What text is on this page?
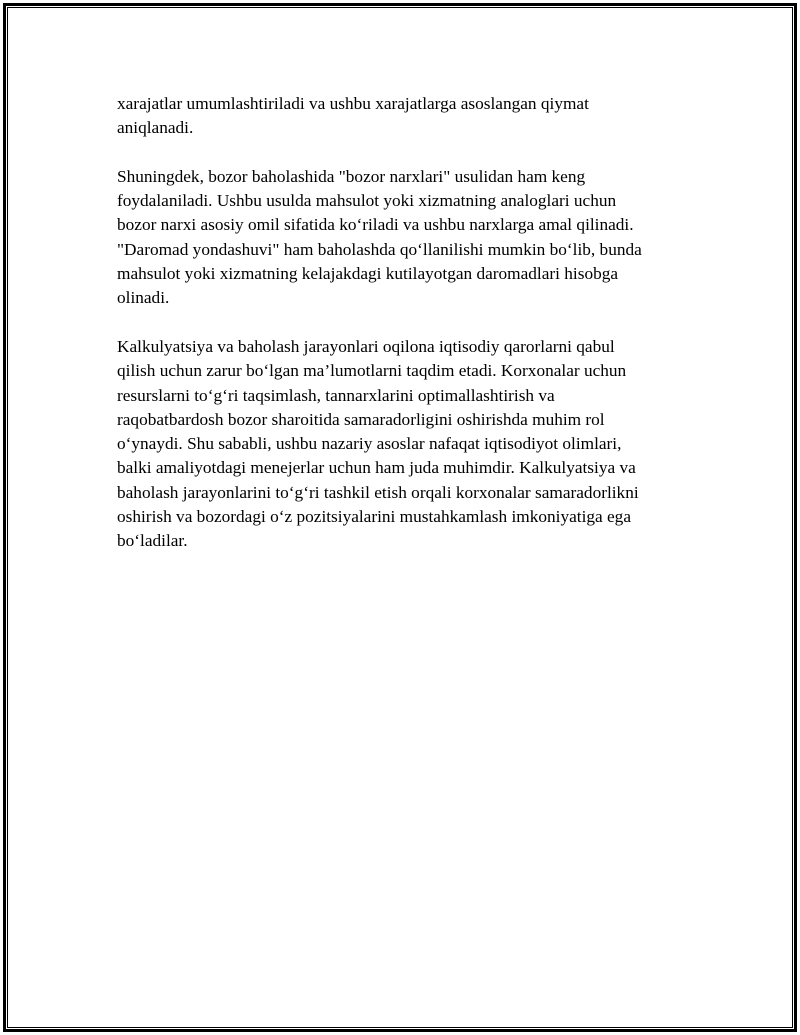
xarajatlar umumlashtiriladi va ushbu xarajatlarga asoslangan qiymat
aniqlanadi.

Shuningdek, bozor baholashida "bozor narxlari" usulidan ham keng
foydalaniladi. Ushbu usulda mahsulot yoki xizmatning analoglari uchun
bozor narxi asosiy omil sifatida ko‘riladi va ushbu narxlarga amal qilinadi.
"Daromad yondashuvi" ham baholashda qo‘llanilishi mumkin bo‘lib, bunda
mahsulot yoki xizmatning kelajakdagi kutilayotgan daromadlari hisobga
olinadi.

Kalkulyatsiya va baholash jarayonlari oqilona iqtisodiy qarorlarni qabul
qilish uchun zarur bo‘lgan ma’lumotlarni taqdim etadi. Korxonalar uchun
resurslarni to‘g‘ri taqsimlash, tannarxlarini optimallashtirish va
raqobatbardosh bozor sharoitida samaradorligini oshirishda muhim rol
o‘ynaydi. Shu sababli, ushbu nazariy asoslar nafaqat iqtisodiyot olimlari,
balki amaliyotdagi menejerlar uchun ham juda muhimdir. Kalkulyatsiya va
baholash jarayonlarini to‘g‘ri tashkil etish orqali korxonalar samaradorlikni
oshirish va bozordagi o‘z pozitsiyalarini mustahkamlash imkoniyatiga ega
bo‘ladilar.
